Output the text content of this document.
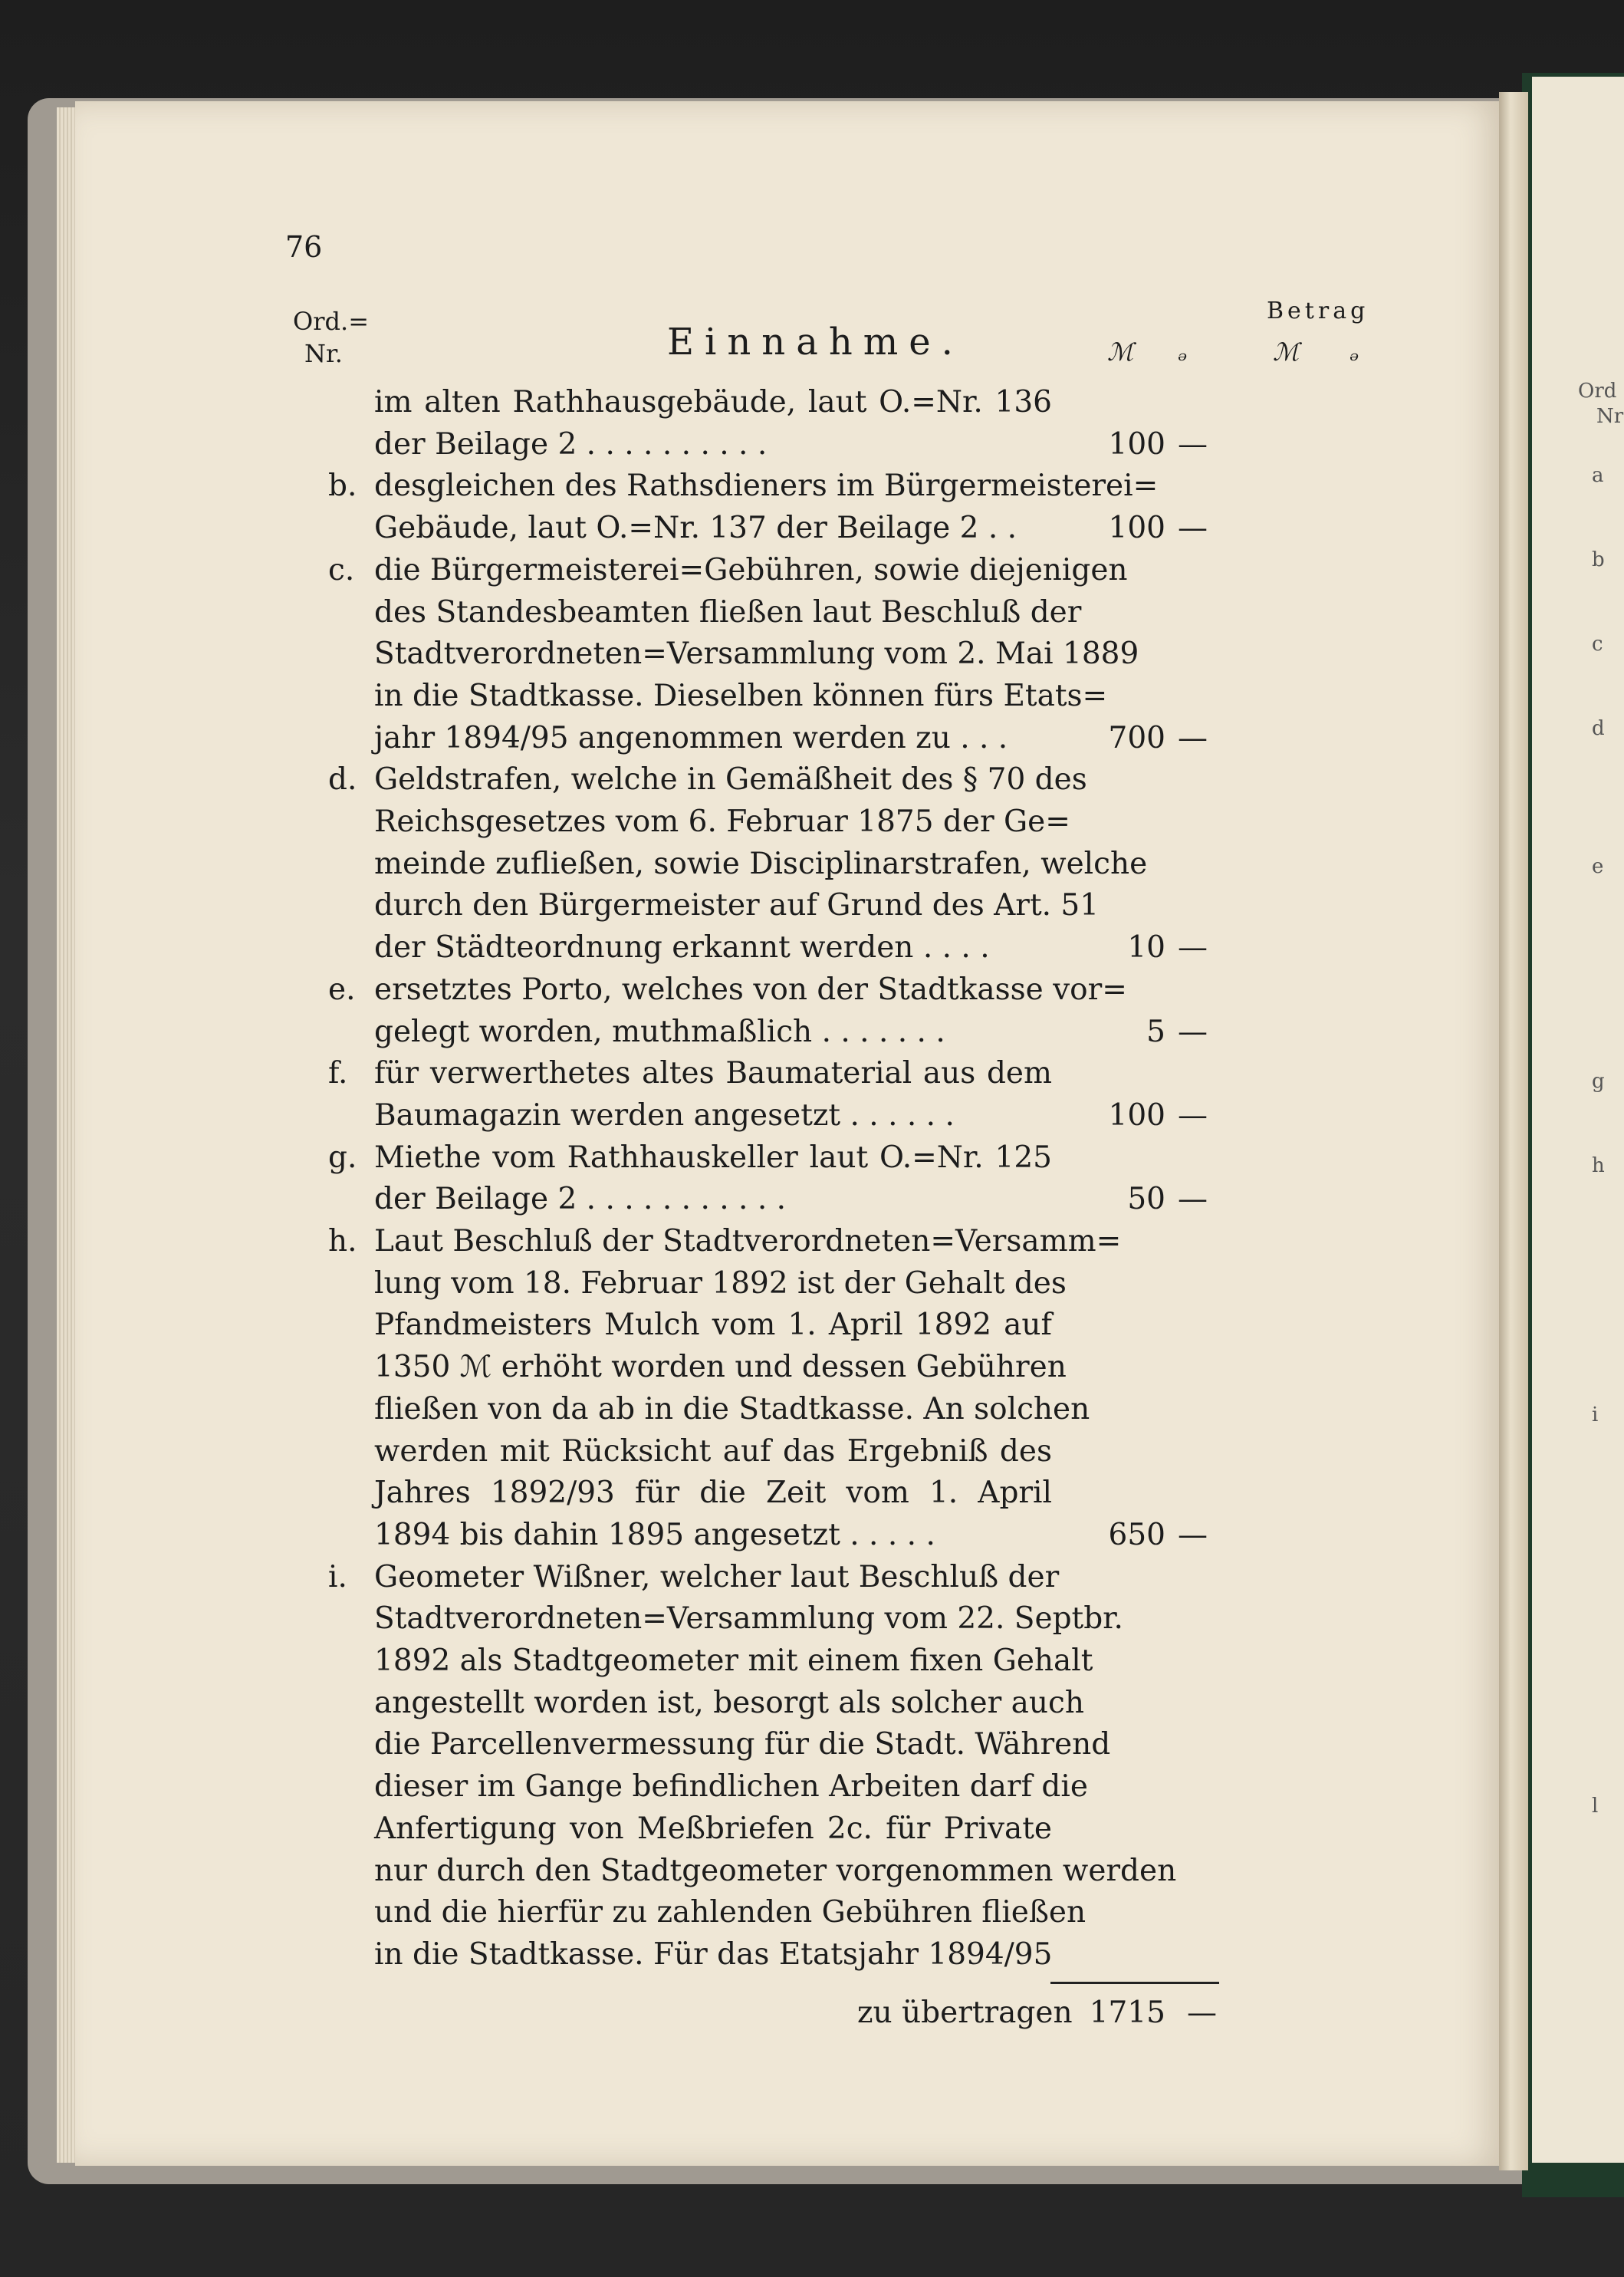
Ord
Nr
a
b
c
d
e
g
h
i
l
76
Ord.=
Nr.	Einnahme.
Betrag
ℳ ₔ	ℳ ₔ
im alten Rathhausgebäude, laut O.=Nr. 136
der Beilage 2 . . . . . . . . . .	100 —
b. desgleichen des Rathsdieners im Bürgermeisterei=
Gebäude, laut O.=Nr. 137 der Beilage 2 . .	100 —
c. die Bürgermeisterei=Gebühren, sowie diejenigen
des Standesbeamten fließen laut Beschluß der
Stadtverordneten=Versammlung vom 2. Mai 1889
in die Stadtkasse. Dieselben können fürs Etats=
jahr 1894/95 angenommen werden zu . . .	700 —
d. Geldstrafen, welche in Gemäßheit des § 70 des
Reichsgesetzes vom 6. Februar 1875 der Ge=
meinde zufließen, sowie Disciplinarstrafen, welche
durch den Bürgermeister auf Grund des Art. 51
der Städteordnung erkannt werden . . . .	10 —
e. ersetztes Porto, welches von der Stadtkasse vor=
gelegt worden, muthmaßlich . . . . . . .	5 —
f. für verwerthetes altes Baumaterial aus dem
Baumagazin werden angesetzt . . . . . .	100 —
g. Miethe vom Rathhauskeller laut O.=Nr. 125
der Beilage 2 . . . . . . . . . . .	50 —
h. Laut Beschluß der Stadtverordneten=Versamm=
lung vom 18. Februar 1892 ist der Gehalt des
Pfandmeisters Mulch vom 1. April 1892 auf
1350 ℳ erhöht worden und dessen Gebühren
fließen von da ab in die Stadtkasse. An solchen
werden mit Rücksicht auf das Ergebniß des
Jahres 1892/93 für die Zeit vom 1. April
1894 bis dahin 1895 angesetzt . . . . .	650 —
i. Geometer Wißner, welcher laut Beschluß der
Stadtverordneten=Versammlung vom 22. Septbr.
1892 als Stadtgeometer mit einem fixen Gehalt
angestellt worden ist, besorgt als solcher auch
die Parcellenvermessung für die Stadt. Während
dieser im Gange befindlichen Arbeiten darf die
Anfertigung von Meßbriefen 2c. für Private
nur durch den Stadtgeometer vorgenommen werden
und die hierfür zu zahlenden Gebühren fließen
in die Stadtkasse. Für das Etatsjahr 1894/95
zu übertragen 1715 —
